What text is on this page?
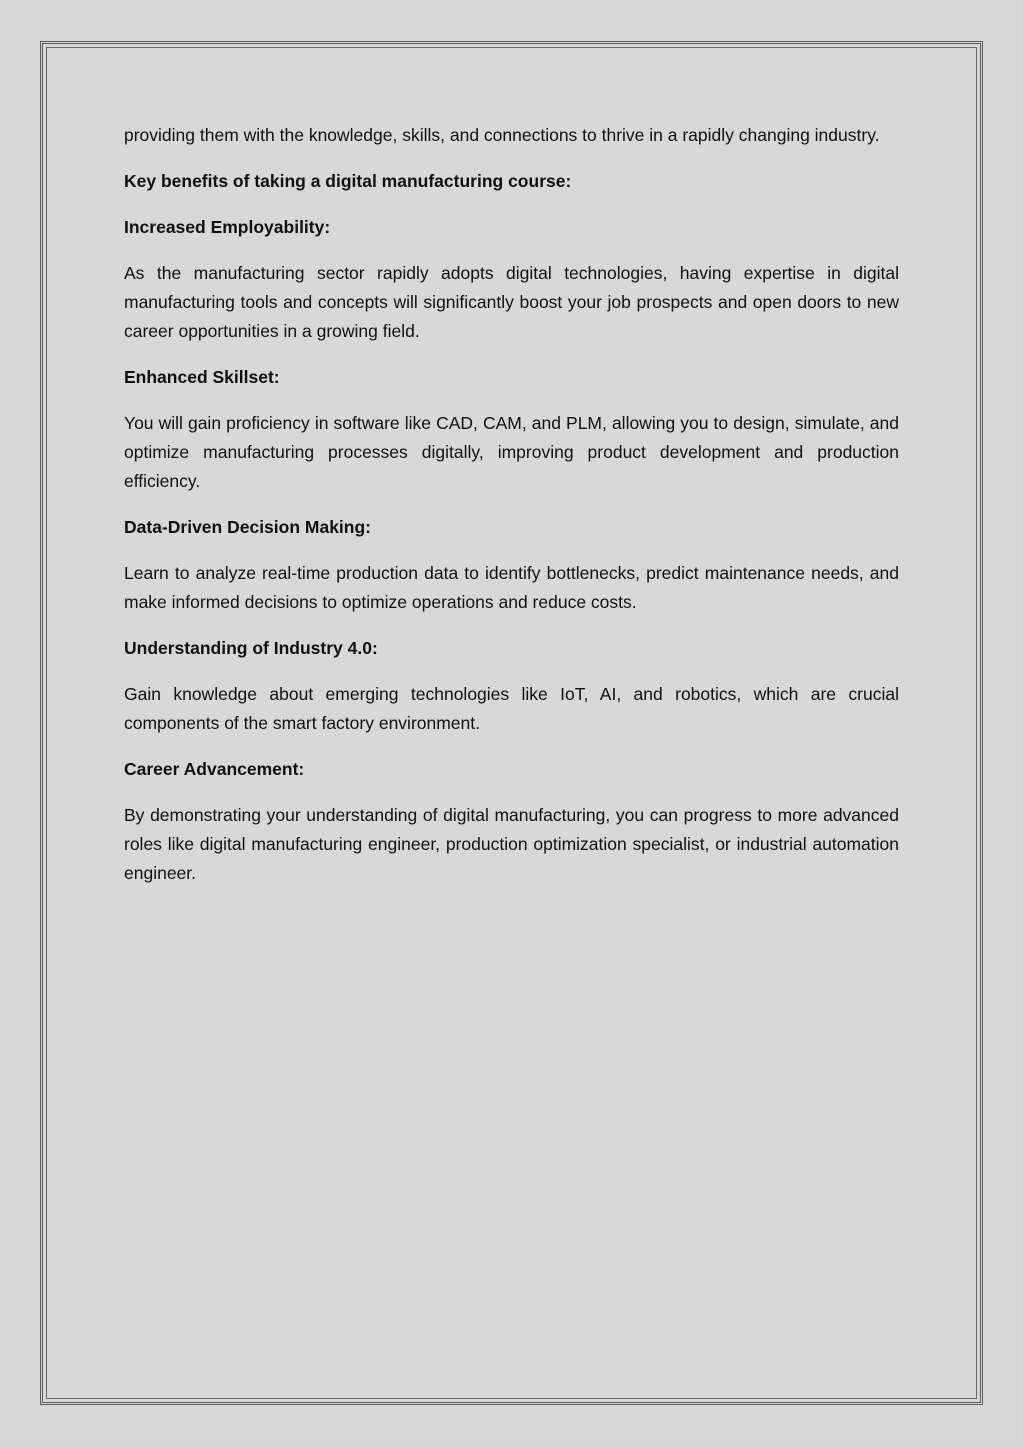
providing them with the knowledge, skills, and connections to thrive in a rapidly changing industry.

Key benefits of taking a digital manufacturing course:

Increased Employability:

As the manufacturing sector rapidly adopts digital technologies, having expertise in digital manufacturing tools and concepts will significantly boost your job prospects and open doors to new career opportunities in a growing field.

Enhanced Skillset:

You will gain proficiency in software like CAD, CAM, and PLM, allowing you to design, simulate, and optimize manufacturing processes digitally, improving product development and production efficiency.

Data-Driven Decision Making:

Learn to analyze real-time production data to identify bottlenecks, predict maintenance needs, and make informed decisions to optimize operations and reduce costs.

Understanding of Industry 4.0:

Gain knowledge about emerging technologies like IoT, AI, and robotics, which are crucial components of the smart factory environment.

Career Advancement:

By demonstrating your understanding of digital manufacturing, you can progress to more advanced roles like digital manufacturing engineer, production optimization specialist, or industrial automation engineer.
